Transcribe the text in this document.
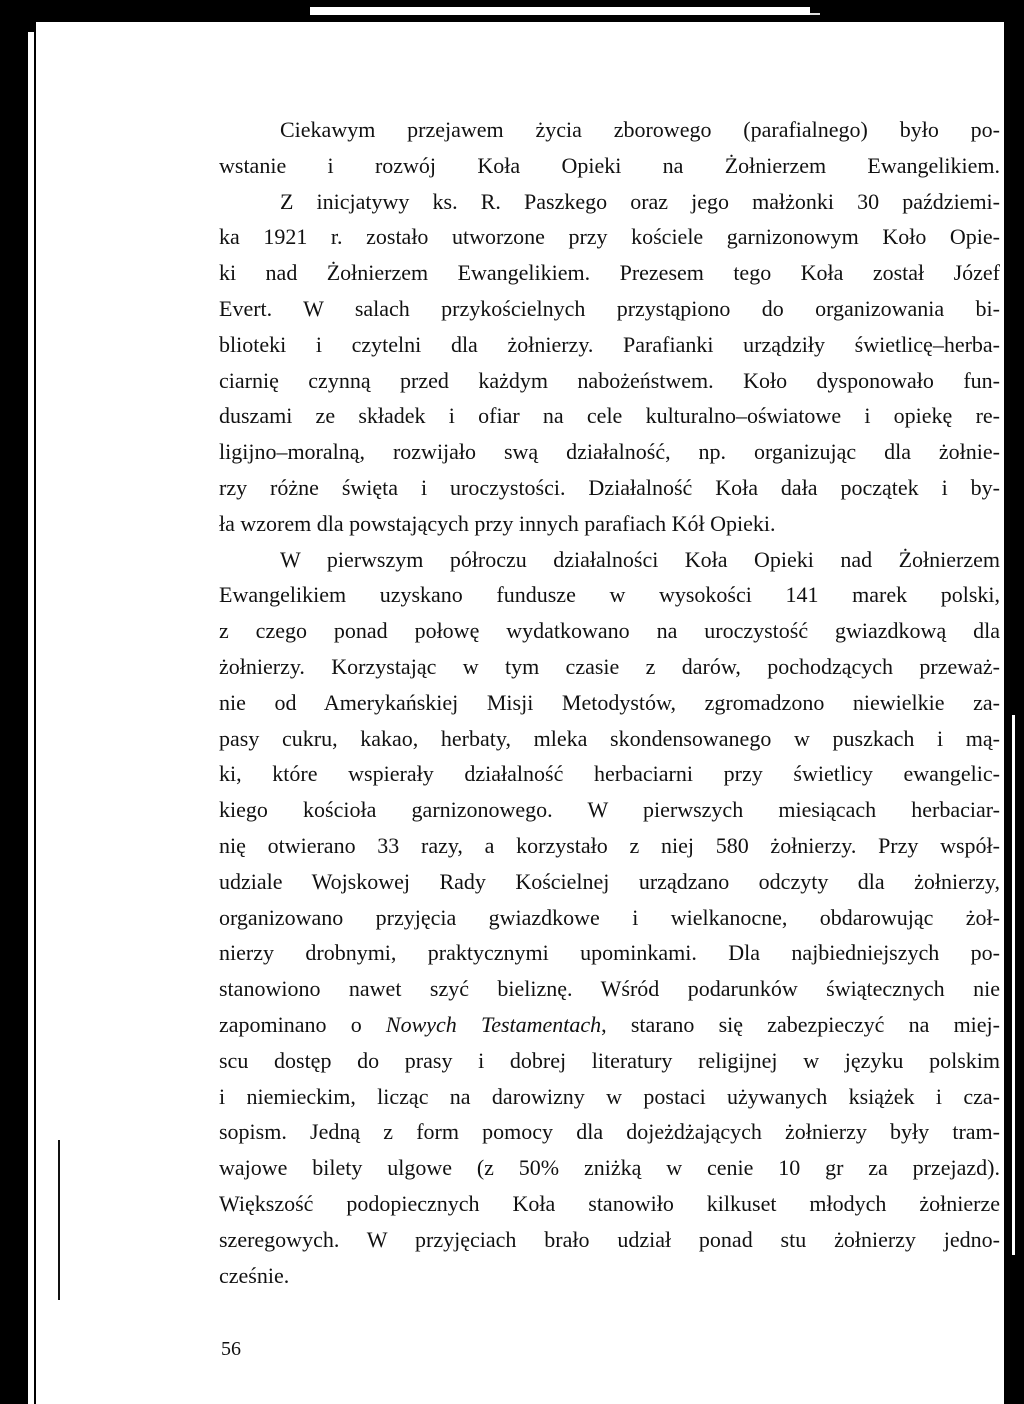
Ciekawym przejawem życia zborowego (parafialnego) było po-
wstanie i rozwój Koła Opieki na Żołnierzem Ewangelikiem.
Z inicjatywy ks. R. Paszkego oraz jego małżonki 30 paździemi-
ka 1921 r. zostało utworzone przy kościele garnizonowym Koło Opie-
ki nad Żołnierzem Ewangelikiem. Prezesem tego Koła został Józef
Evert. W salach przykościelnych przystąpiono do organizowania bi-
blioteki i czytelni dla żołnierzy. Parafianki urządziły świetlicę–herba-
ciarnię czynną przed każdym nabożeństwem. Koło dysponowało fun-
duszami ze składek i ofiar na cele kulturalno–oświatowe i opiekę re-
ligijno–moralną, rozwijało swą działalność, np. organizując dla żołnie-
rzy różne święta i uroczystości. Działalność Koła dała początek i by-
ła wzorem dla powstających przy innych parafiach Kół Opieki.
W pierwszym półroczu działalności Koła Opieki nad Żołnierzem
Ewangelikiem uzyskano fundusze w wysokości 141 marek polski,
z czego ponad połowę wydatkowano na uroczystość gwiazdkową dla
żołnierzy. Korzystając w tym czasie z darów, pochodzących przeważ-
nie od Amerykańskiej Misji Metodystów, zgromadzono niewielkie za-
pasy cukru, kakao, herbaty, mleka skondensowanego w puszkach i mą-
ki, które wspierały działalność herbaciarni przy świetlicy ewangelic-
kiego kościoła garnizonowego. W pierwszych miesiącach herbaciar-
nię otwierano 33 razy, a korzystało z niej 580 żołnierzy. Przy współ-
udziale Wojskowej Rady Kościelnej urządzano odczyty dla żołnierzy,
organizowano przyjęcia gwiazdkowe i wielkanocne, obdarowując żoł-
nierzy drobnymi, praktycznymi upominkami. Dla najbiedniejszych po-
stanowiono nawet szyć bieliznę. Wśród podarunków świątecznych nie
zapominano o Nowych Testamentach, starano się zabezpieczyć na miej-
scu dostęp do prasy i dobrej literatury religijnej w języku polskim
i niemieckim, licząc na darowizny w postaci używanych książek i cza-
sopism. Jedną z form pomocy dla dojeżdżających żołnierzy były tram-
wajowe bilety ulgowe (z 50% zniżką w cenie 10 gr za przejazd).
Większość podopiecznych Koła stanowiło kilkuset młodych żołnierze
szeregowych. W przyjęciach brało udział ponad stu żołnierzy jedno-
cześnie.
56
